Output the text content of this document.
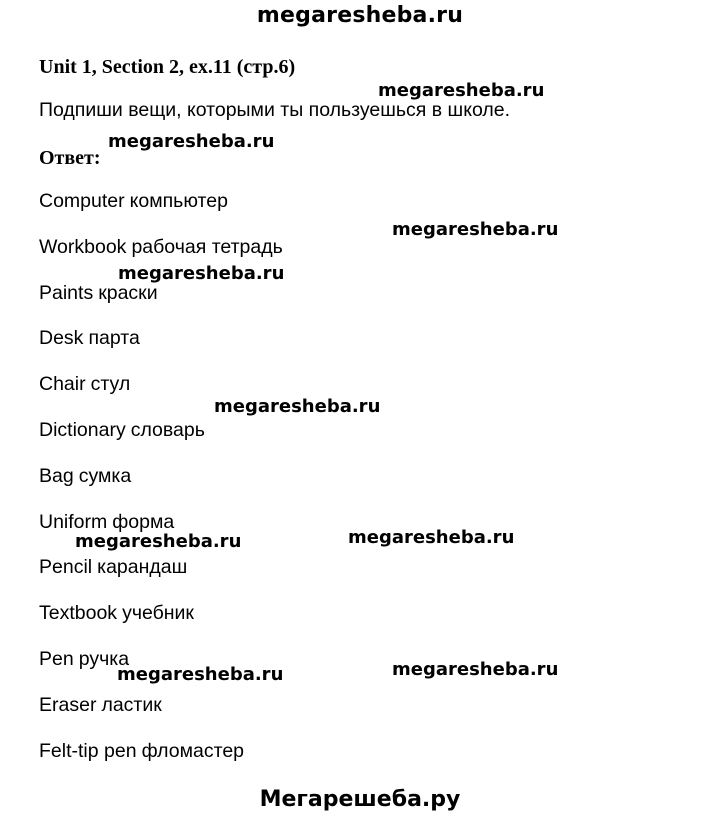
megaresheba.ru
Unit 1, Section 2, ex.11 (стр.6)
Подпиши вещи, которыми ты пользуешься в школе.
Ответ:
Computer компьютер
Workbook рабочая тетрадь
Paints краски
Desk парта
Chair стул
Dictionary словарь
Bag сумка
Uniform форма
Pencil карандаш
Textbook учебник
Pen ручка
Eraser ластик
Felt-tip pen фломастер
megaresheba.ru
megaresheba.ru
megaresheba.ru
megaresheba.ru
megaresheba.ru
megaresheba.ru
megaresheba.ru
megaresheba.ru	megaresheba.ru
Мегарешеба.ру
